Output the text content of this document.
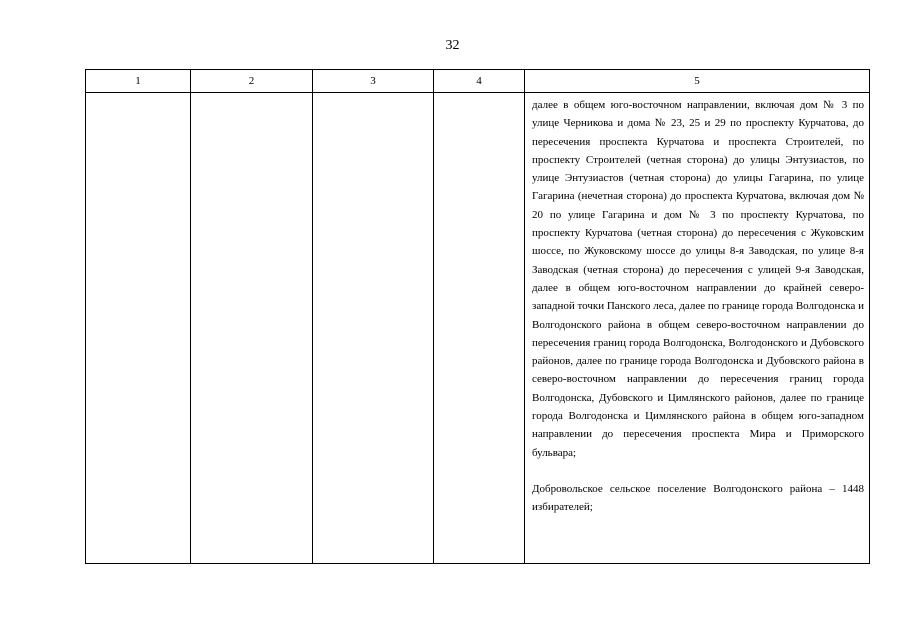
32
1	2	3	4	5

				далее в общем юго-восточном направлении, включая дом № 3 по улице Черникова и дома № 23, 25 и 29 по проспекту Курчатова, до пересечения проспекта Курчатова и проспекта Строителей, по проспекту Строителей (четная сторона) до улицы Энтузиастов, по улице Энтузиастов (четная сторона) до улицы Гагарина, по улице Гагарина (нечетная сторона) до проспекта Курчатова, включая дом № 20 по улице Гагарина и дом № 3 по проспекту Курчатова, по проспекту Курчатова (четная сторона) до пересечения с Жуковским шоссе, по Жуковскому шоссе до улицы 8-я Заводская, по улице 8-я Заводская (четная сторона) до пересечения с улицей 9-я Заводская, далее в общем юго-восточном направлении до крайней северо-западной точки Панского леса, далее по границе города Волгодонска и Волгодонского района в общем северо-восточном направлении до пересечения границ города Волгодонска, Волгодонского и Дубовского районов, далее по границе города Волгодонска и Дубовского района в северо-восточном направлении до пересечения границ города Волгодонска, Дубовского и Цимлянского районов, далее по границе города Волгодонска и Цимлянского района в общем юго-западном направлении до пересечения проспекта Мира и Приморского бульвара;

Добровольское сельское поселение Волгодонского района – 1448 избирателей;
